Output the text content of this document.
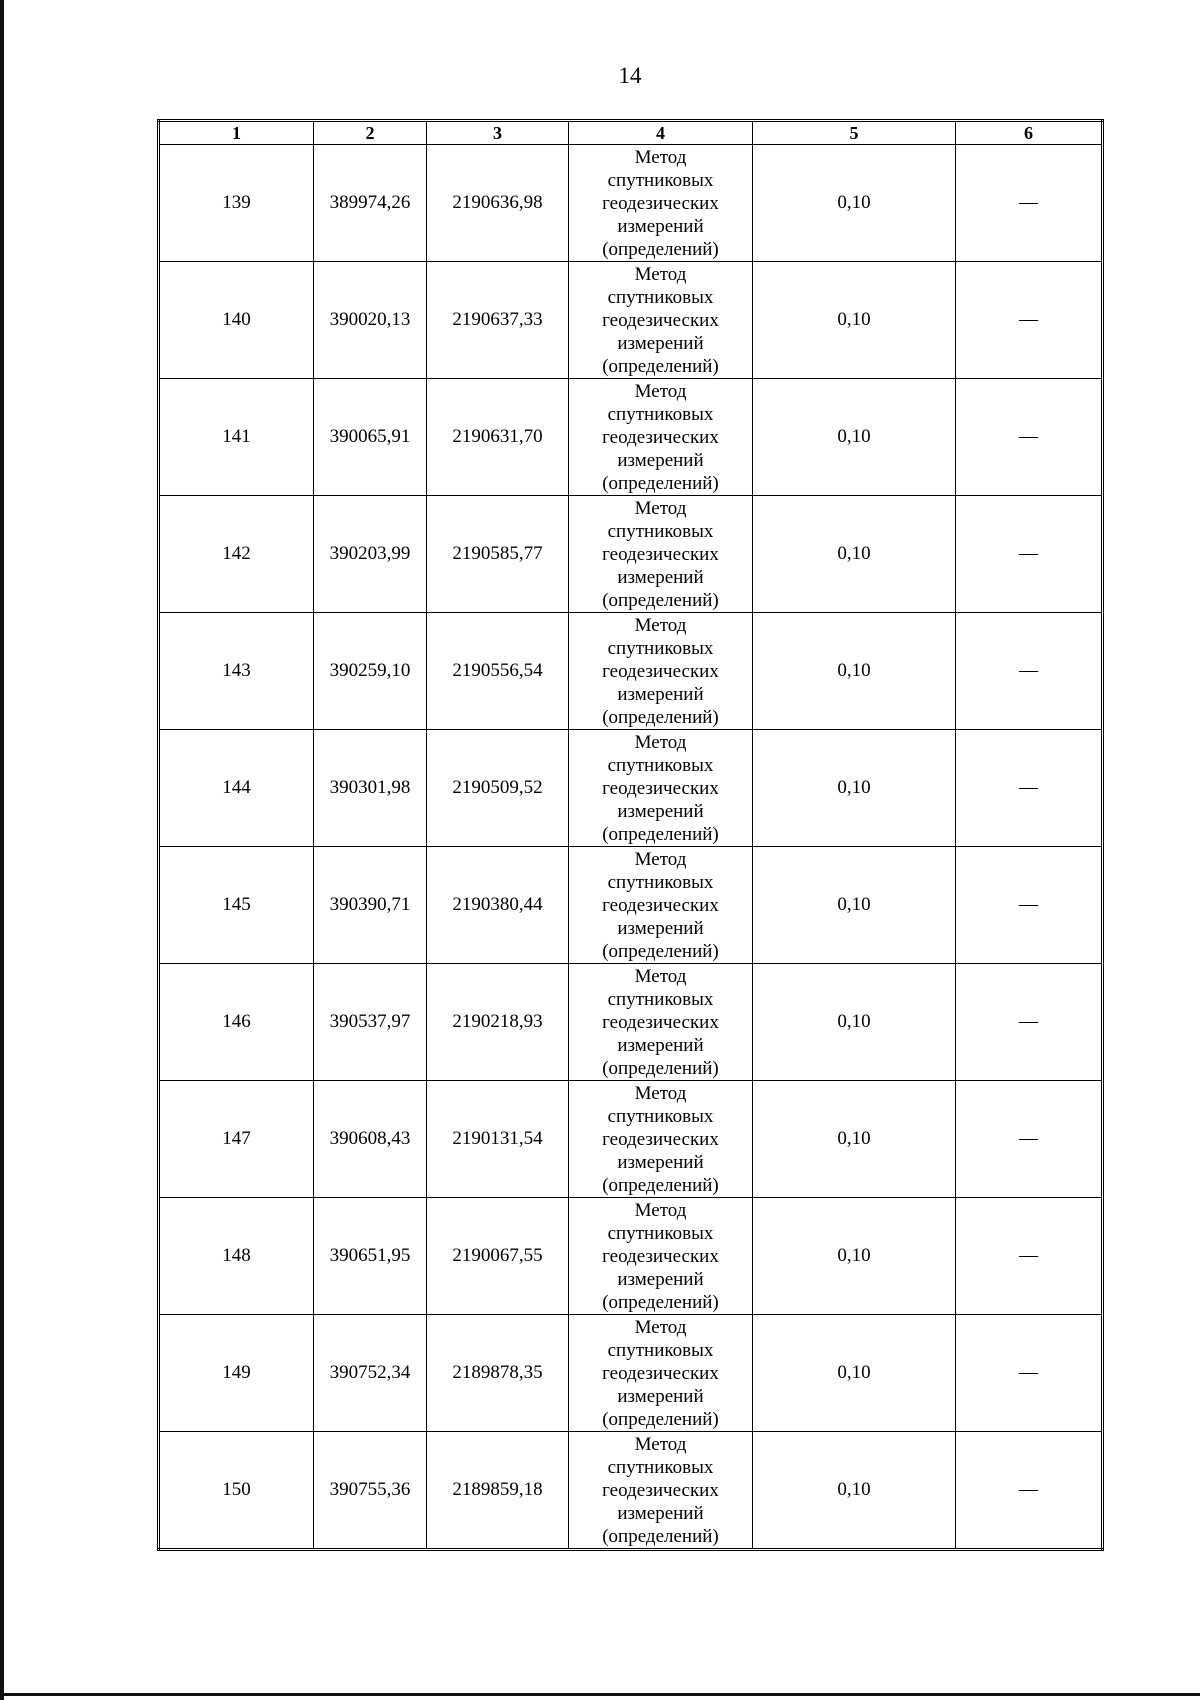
14
1	2	3	4	5	6
139	389974,26	2190636,98	Метод
спутниковых
геодезических
измерений
(определений)	0,10	—
140	390020,13	2190637,33	Метод
спутниковых
геодезических
измерений
(определений)	0,10	—
141	390065,91	2190631,70	Метод
спутниковых
геодезических
измерений
(определений)	0,10	—
142	390203,99	2190585,77	Метод
спутниковых
геодезических
измерений
(определений)	0,10	—
143	390259,10	2190556,54	Метод
спутниковых
геодезических
измерений
(определений)	0,10	—
144	390301,98	2190509,52	Метод
спутниковых
геодезических
измерений
(определений)	0,10	—
145	390390,71	2190380,44	Метод
спутниковых
геодезических
измерений
(определений)	0,10	—
146	390537,97	2190218,93	Метод
спутниковых
геодезических
измерений
(определений)	0,10	—
147	390608,43	2190131,54	Метод
спутниковых
геодезических
измерений
(определений)	0,10	—
148	390651,95	2190067,55	Метод
спутниковых
геодезических
измерений
(определений)	0,10	—
149	390752,34	2189878,35	Метод
спутниковых
геодезических
измерений
(определений)	0,10	—
150	390755,36	2189859,18	Метод
спутниковых
геодезических
измерений
(определений)	0,10	—
